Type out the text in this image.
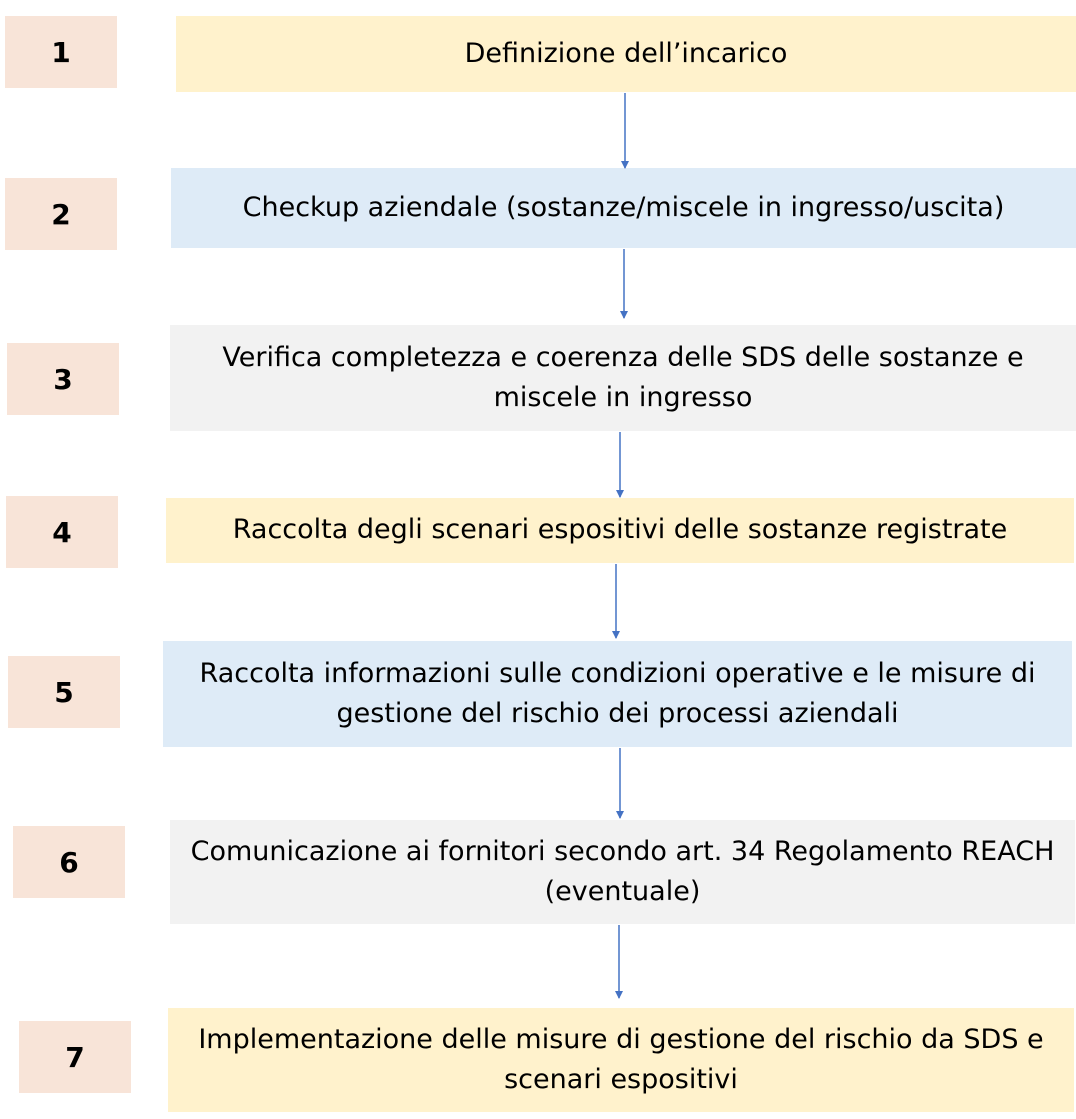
1
2
3
4
5
6
7
Definizione dell’incarico
Checkup aziendale (sostanze/miscele in ingresso/uscita)
Verifica completezza e coerenza delle SDS delle sostanze e miscele in ingresso
Raccolta degli scenari espositivi delle sostanze registrate
Raccolta informazioni sulle condizioni operative e le misure di gestione del rischio dei processi aziendali
Comunicazione ai fornitori secondo art. 34 Regolamento REACH (eventuale)
Implementazione delle misure di gestione del rischio da SDS e scenari espositivi
